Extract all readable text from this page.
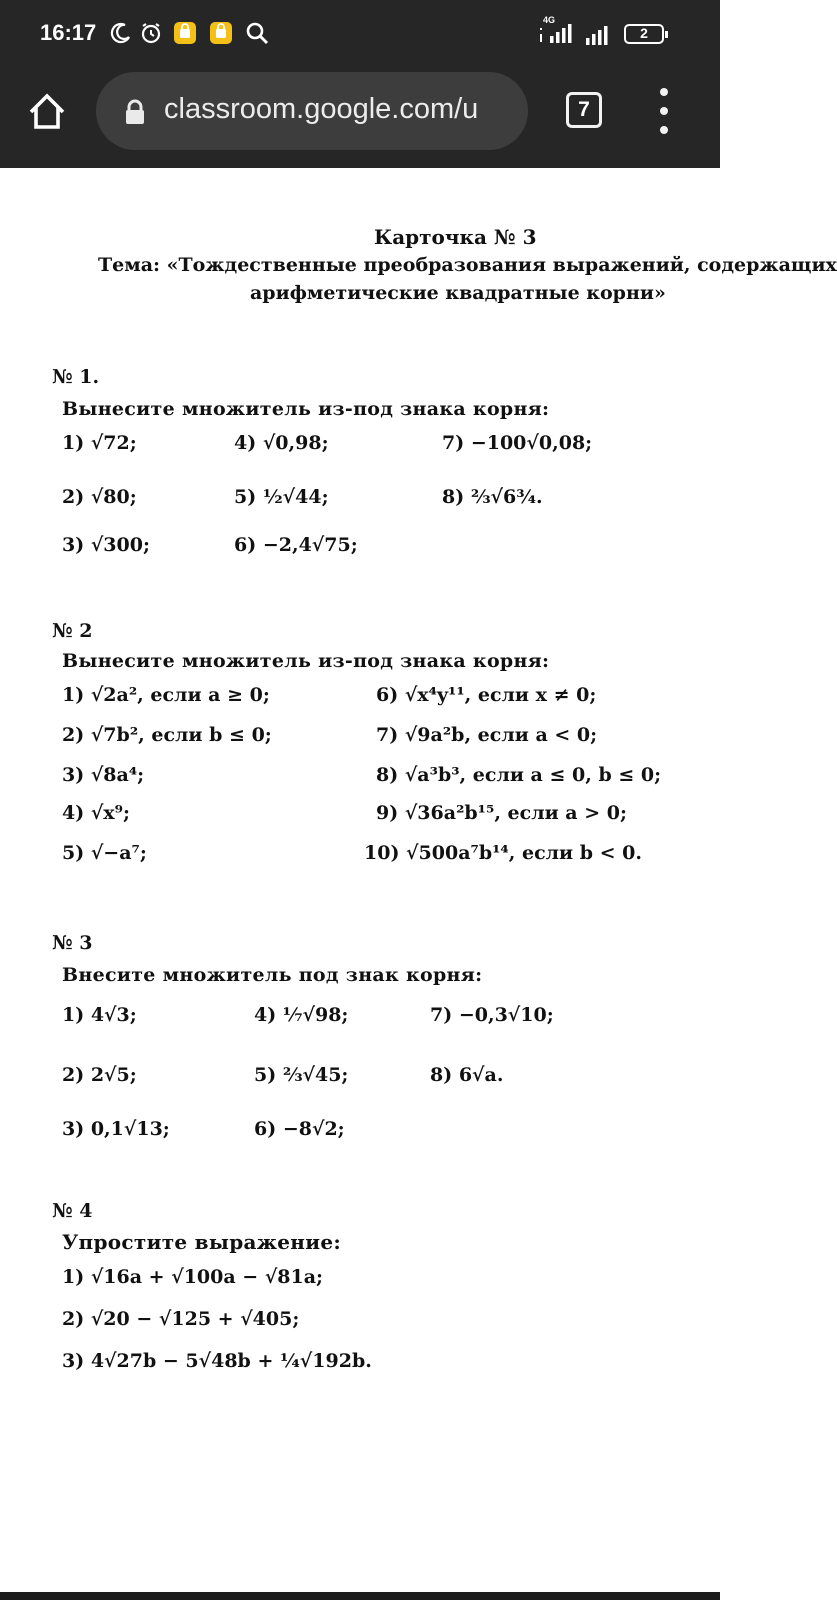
16:17	4G
2
classroom.google.com/u	7
Карточка № 3
Тема: «Тождественные преобразования выражений, содержащих
арифметические квадратные корни»
№ 1.
Вынесите множитель из-под знака корня:
1) √72;
2) √80;
3) √300;
4) √0,98;
5) ½√44;
6) −2,4√75;
7) −100√0,08;
8) ⅔√6¾.
№ 2
Вынесите множитель из-под знака корня:
1) √2a², если a ≥ 0;
2) √7b², если b ≤ 0;
3) √8a⁴;
4) √x⁹;
5) √−a⁷;
6) √x⁴y¹¹, если x ≠ 0;
7) √9a²b, если a < 0;
8) √a³b³, если a ≤ 0, b ≤ 0;
9) √36a²b¹⁵, если a > 0;
10) √500a⁷b¹⁴, если b < 0.
№ 3
Внесите множитель под знак корня:
1) 4√3;
2) 2√5;
3) 0,1√13;
4) ⅐√98;
5) ⅔√45;
6) −8√2;
7) −0,3√10;
8) 6√a.
№ 4
Упростите выражение:
1) √16a + √100a − √81a;
2) √20 − √125 + √405;
3) 4√27b − 5√48b + ¼√192b.
